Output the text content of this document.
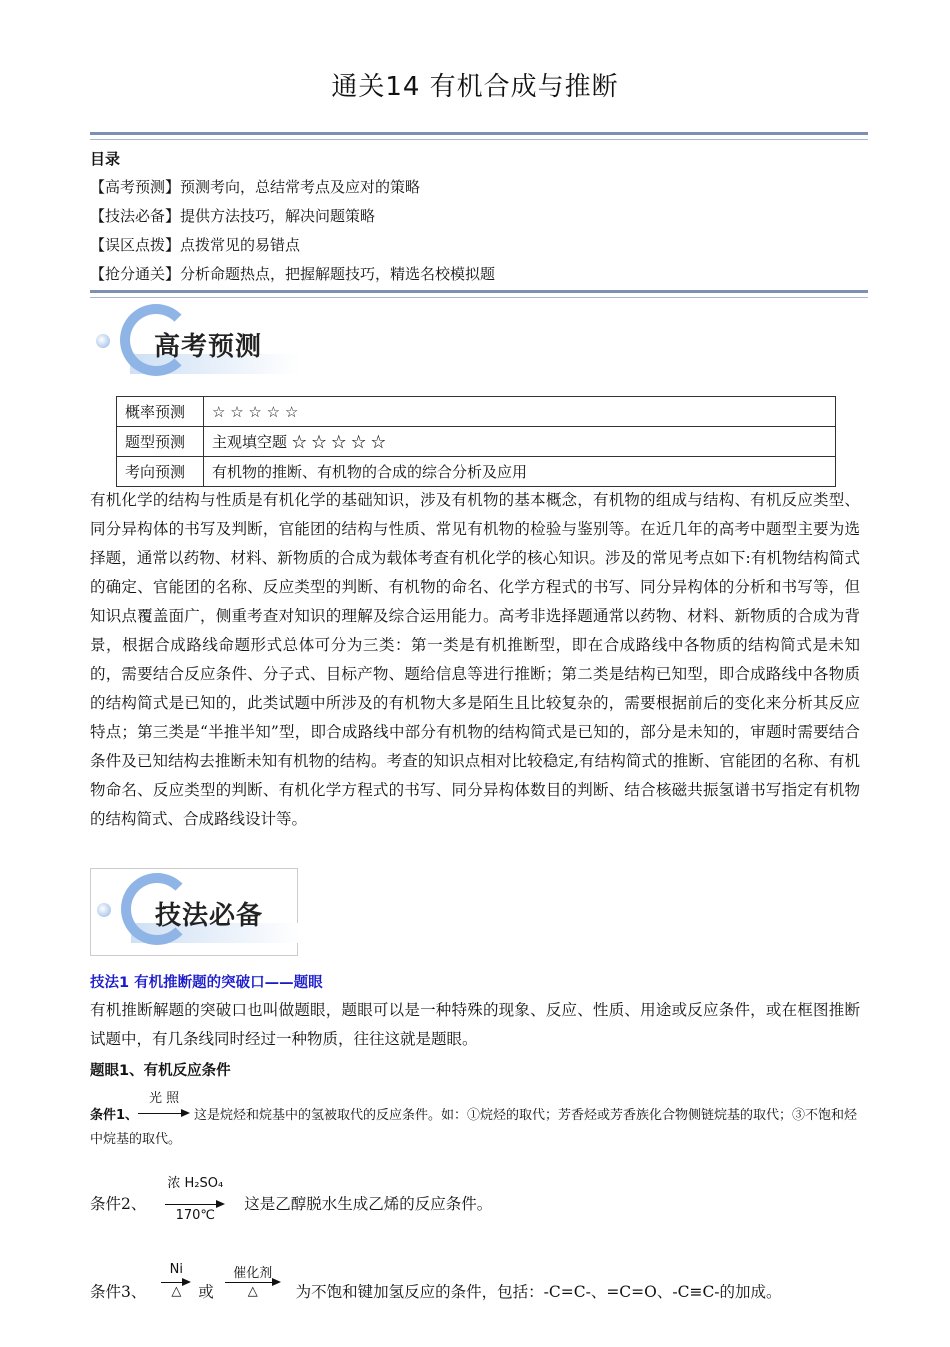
通关14 有机合成与推断
目录
【高考预测】预测考向，总结常考点及应对的策略
【技法必备】提供方法技巧，解决问题策略
【误区点拨】点拨常见的易错点
【抢分通关】分析命题热点，把握解题技巧，精选名校模拟题
高考预测
概率预测	☆ ☆ ☆ ☆ ☆
题型预测	主观填空题 ☆ ☆ ☆ ☆ ☆
考向预测	有机物的推断、有机物的合成的综合分析及应用
有机化学的结构与性质是有机化学的基础知识，涉及有机物的基本概念，有机物的组成与结构、有机反应类型、同分异构体的书写及判断，官能团的结构与性质、常见有机物的检验与鉴别等。在近几年的高考中题型主要为选择题，通常以药物、材料、新物质的合成为载体考查有机化学的核心知识。涉及的常见考点如下:有机物结构简式的确定、官能团的名称、反应类型的判断、有机物的命名、化学方程式的书写、同分异构体的分析和书写等，但知识点覆盖面广，侧重考查对知识的理解及综合运用能力。高考非选择题通常以药物、材料、新物质的合成为背景，根据合成路线命题形式总体可分为三类：第一类是有机推断型，即在合成路线中各物质的结构简式是未知的，需要结合反应条件、分子式、目标产物、题给信息等进行推断；第二类是结构已知型，即合成路线中各物质的结构简式是已知的，此类试题中所涉及的有机物大多是陌生且比较复杂的，需要根据前后的变化来分析其反应特点；第三类是“半推半知”型，即合成路线中部分有机物的结构简式是已知的，部分是未知的，审题时需要结合条件及已知结构去推断未知有机物的结构。考查的知识点相对比较稳定,有结构简式的推断、官能团的名称、有机物命名、反应类型的判断、有机化学方程式的书写、同分异构体数目的判断、结合核磁共振氢谱书写指定有机物的结构简式、合成路线设计等。
技法必备
技法1 有机推断题的突破口——题眼
有机推断解题的突破口也叫做题眼，题眼可以是一种特殊的现象、反应、性质、用途或反应条件，或在框图推断试题中，有几条线同时经过一种物质，往往这就是题眼。
题眼1、有机反应条件
条件1、
光 照
这是烷烃和烷基中的氢被取代的反应条件。如：①烷烃的取代；芳香烃或芳香族化合物侧链烷基的取代；③不饱和烃中烷基的取代。
条件2、
浓 H₂SO₄
170℃
这是乙醇脱水生成乙烯的反应条件。
条件3、
Ni
△	或
催化剂
△	为不饱和键加氢反应的条件，包括：-C=C-、=C=O、-C≡C-的加成。
